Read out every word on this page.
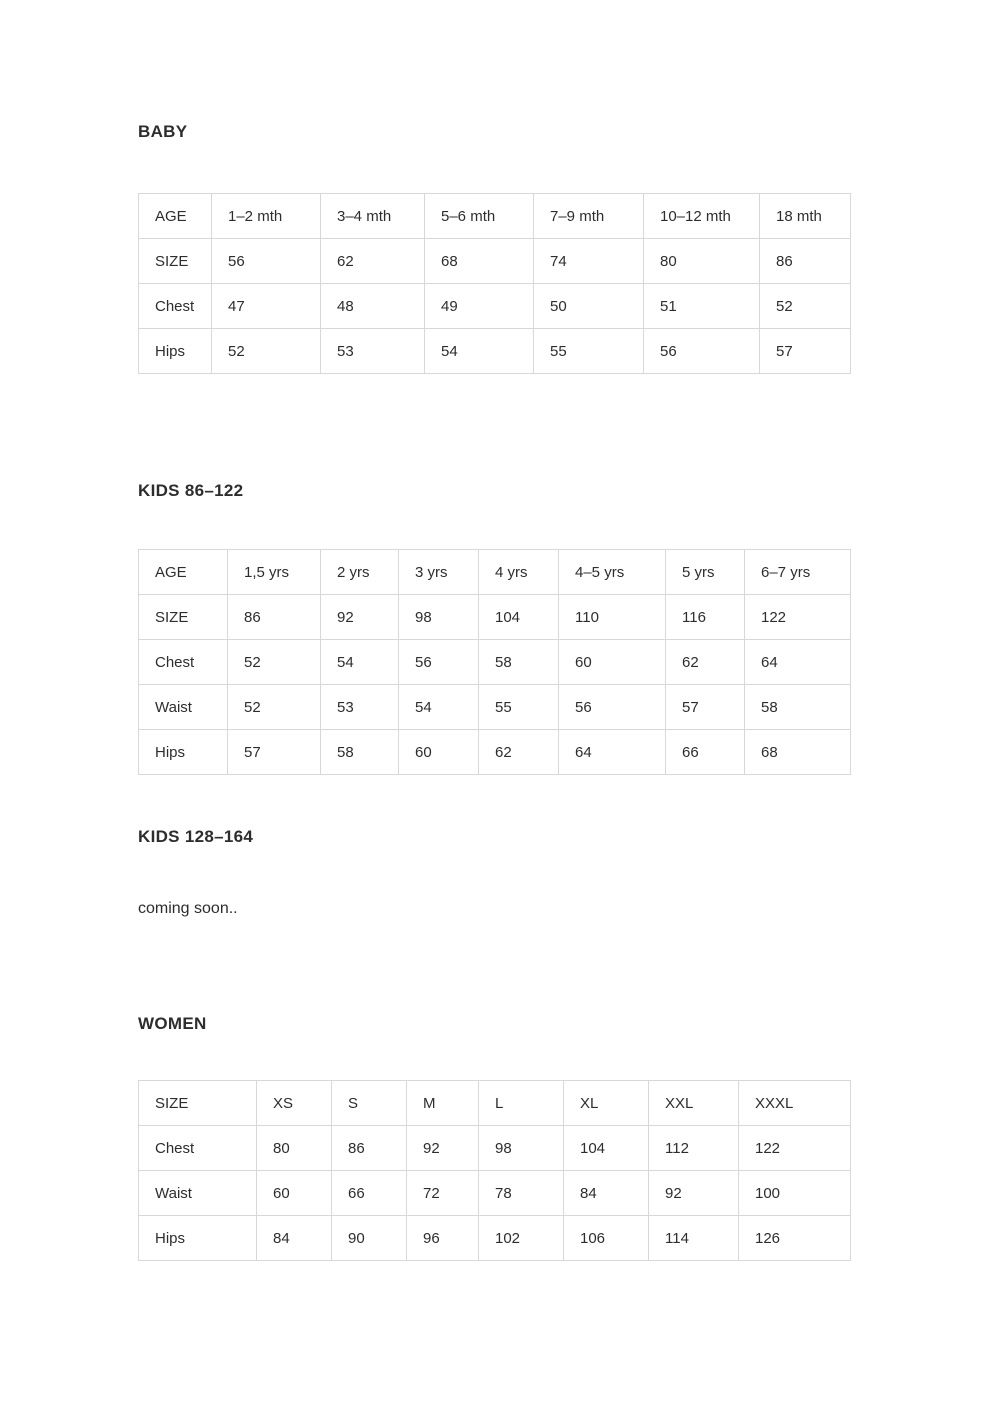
BABY
AGE	1–2 mth	3–4 mth	5–6 mth	7–9 mth	10–12 mth	18 mth
SIZE	56	62	68	74	80	86
Chest	47	48	49	50	51	52
Hips	52	53	54	55	56	57
KIDS 86–122
AGE	1,5 yrs	2 yrs	3 yrs	4 yrs	4–5 yrs	5 yrs	6–7 yrs
SIZE	86	92	98	104	110	116	122
Chest	52	54	56	58	60	62	64
Waist	52	53	54	55	56	57	58
Hips	57	58	60	62	64	66	68
KIDS 128–164

coming soon..

WOMEN
SIZE	XS	S	M	L	XL	XXL	XXXL
Chest	80	86	92	98	104	112	122
Waist	60	66	72	78	84	92	100
Hips	84	90	96	102	106	114	126
